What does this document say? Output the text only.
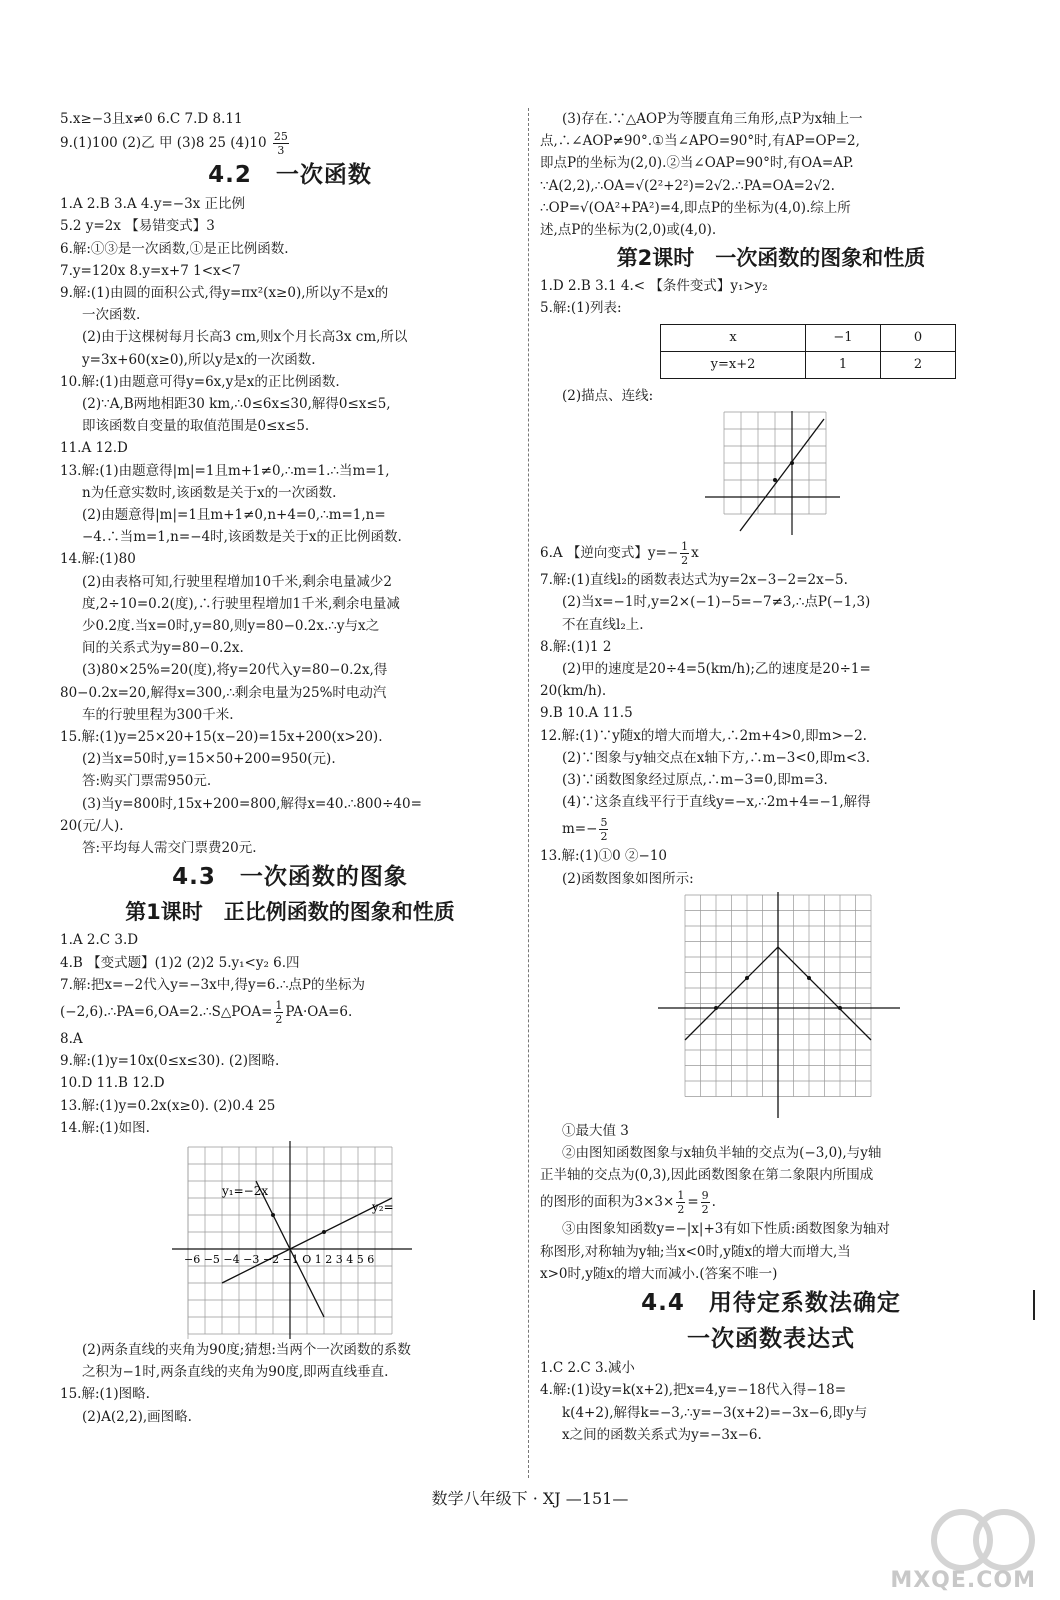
5.x≥−3且x≠0 6.C 7.D 8.11
9.(1)100 (2)乙 甲 (3)8 25 $(4)10 \frac{25}{3}$
4.2　一次函数
1.A 2.B 3.A 4.y=−3x 正比例
5.2 y=2x 【易错变式】3
6.解:①③是一次函数,①是正比例函数.
7.y=120x 8.y=x+7 1<x<7
9.解:(1)由圆的面积公式,得y=πx²(x≥0),所以y不是x的
一次函数.
(2)由于这棵树每月长高3 cm,则x个月长高3x cm,所以
y=3x+60(x≥0),所以y是x的一次函数.
10.解:(1)由题意可得y=6x,y是x的正比例函数.
(2)∵A,B两地相距30 km,∴0≤6x≤30,解得0≤x≤5,
即该函数自变量的取值范围是0≤x≤5.
11.A 12.D
13.解:(1)由题意得|m|=1且m+1≠0,∴m=1.∴当m=1,
n为任意实数时,该函数是关于x的一次函数.
(2)由题意得|m|=1且m+1≠0,n+4=0,∴m=1,n=
−4.∴当m=1,n=−4时,该函数是关于x的正比例函数.
14.解:(1)80
(2)由表格可知,行驶里程增加10千米,剩余电量减少2
度,2÷10=0.2(度),∴行驶里程增加1千米,剩余电量减
少0.2度.当x=0时,y=80,则y=80−0.2x.∴y与x之
间的关系式为y=80−0.2x.
(3)80×25%=20(度),将y=20代入y=80−0.2x,得
80−0.2x=20,解得x=300,∴剩余电量为25%时电动汽
车的行驶里程为300千米.
15.解:(1)y=25×20+15(x−20)=15x+200(x>20).
(2)当x=50时,y=15×50+200=950(元).
答:购买门票需950元.
(3)当y=800时,15x+200=800,解得x=40.∴800÷40=
20(元/人).
答:平均每人需交门票费20元.
4.3　一次函数的图象
第1课时　正比例函数的图象和性质
1.A 2.C 3.D
4.B 【变式题】(1)2 (2)2 5.y₁<y₂ 6.四
7.解:把x=−2代入y=−3x中,得y=6.∴点P的坐标为
(−2,6).∴PA=6,OA=2.∴S△POA= $\frac{1}{2} PA\cdot OA=6$.
8.A
9.解:(1)y=10x(0≤x≤30). (2)图略.
10.D 11.B 12.D
13.解:(1)y=0.2x(x≥0). (2)0.4 25
14.解:(1)如图.
y₁=−2x
y₂=
−6 −5 −4 −3 −2 −1 O 1 2 3 4 5 6
(2)两条直线的夹角为90度;猜想:当两个一次函数的系数
之积为−1时,两条直线的夹角为90度,即两直线垂直.
15.解:(1)图略.
(2)A(2,2),画图略.
(3)存在.∵△AOP为等腰直角三角形,点P为x轴上一
点,∴∠AOP≠90°.①当∠APO=90°时,有AP=OP=2,
即点P的坐标为(2,0).②当∠OAP=90°时,有OA=AP.
∵A(2,2),∴OA=√(2²+2²)=2√2.∴PA=OA=2√2.
∴OP=√(OA²+PA²)=4,即点P的坐标为(4,0).综上所
述,点P的坐标为(2,0)或(4,0).
第2课时　一次函数的图象和性质
1.D 2.B 3.1 4.< 【条件变式】y₁>y₂
5.解:(1)列表:
x	−1	0
y=x+2	1	2
(2)描点、连线:
6.A 【逆向变式】$y=- \frac{1}{2}$ x
7.解:(1)直线l₂的函数表达式为y=2x−3−2=2x−5.
(2)当x=−1时,y=2×(−1)−5=−7≠3,∴点P(−1,3)
不在直线l₂上.
8.解:(1)1 2
(2)甲的速度是20÷4=5(km/h);乙的速度是20÷1=
20(km/h).
9.B 10.A 11.5
12.解:(1)∵y随x的增大而增大,∴2m+4>0,即m>−2.
(2)∵图象与y轴交点在x轴下方,∴m−3<0,即m<3.
(3)∵函数图象经过原点,∴m−3=0,即m=3.
(4)∵这条直线平行于直线y=−x,∴2m+4=−1,解得
$m=- \frac{5}{2}$
13.解:(1)①0 ②−10
(2)函数图象如图所示:
①最大值 3
②由图知函数图象与x轴负半轴的交点为(−3,0),与y轴
正半轴的交点为(0,3),因此函数图象在第二象限内所围成
的图形的面积为$3\times 3\times \frac{1}{2} = \frac{9}{2}$ .
③由图象知函数y=−|x|+3有如下性质:函数图象为轴对
称图形,对称轴为y轴;当x<0时,y随x的增大而增大,当
x>0时,y随x的增大而减小.(答案不唯一)
4.4　用待定系数法确定
一次函数表达式
1.C 2.C 3.减小
4.解:(1)设y=k(x+2),把x=4,y=−18代入得−18=
k(4+2),解得k=−3,∴y=−3(x+2)=−3x−6,即y与
x之间的函数关系式为y=−3x−6.
数学八年级下 · XJ —151—
MXQE.COM
